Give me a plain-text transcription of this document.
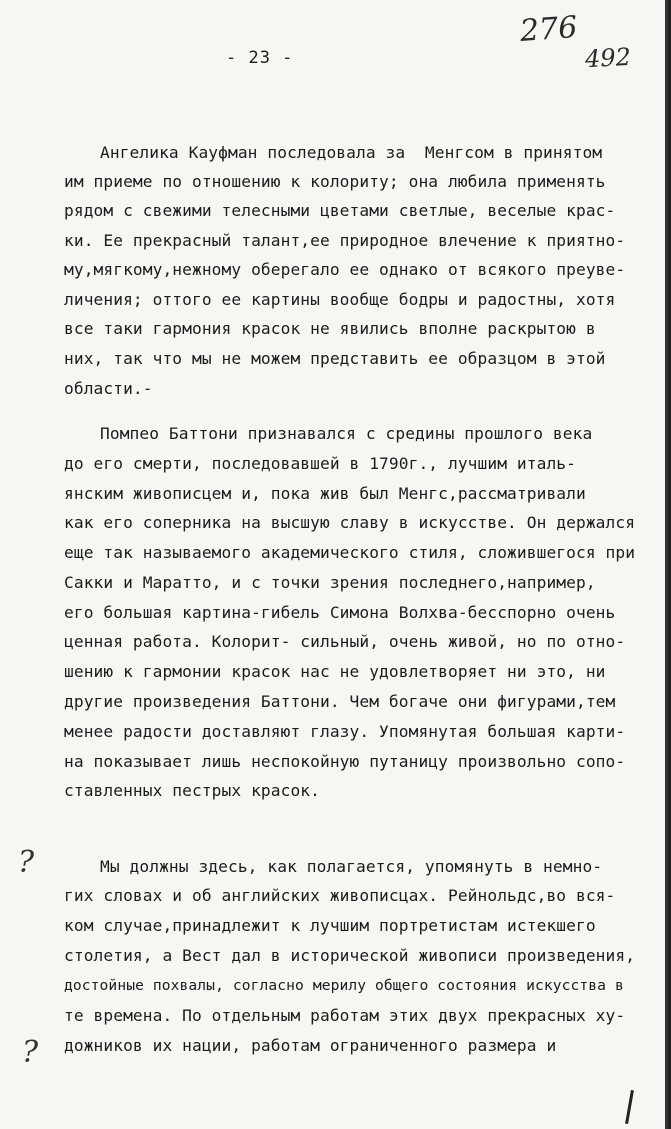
276
492
- 23 -
Ангелика Кауфман последовала за  Менгсом в принятом
им приеме по отношению к колориту; она любила применять
рядом с свежими телесными цветами светлые, веселые крас-
ки. Ее прекрасный талант,ее природное влечение к приятно-
му,мягкому,нежному оберегало ее однако от всякого преуве-
личения; оттого ее картины вообще бодры и радостны, хотя
все таки гармония красок не явились вполне раскрытою в
них, так что мы не можем представить ее образцом в этой
области.-
Помпео Баттони признавался с средины прошлого века
до его смерти, последовавшей в 1790г., лучшим италь-
янским живописцем и, пока жив был Менгс,рассматривали
как его соперника на высшую славу в искусстве. Он держался
еще так называемого академического стиля, сложившегося при
Сакки и Маратто, и с точки зрения последнего,например,
его большая картина-гибель Симона Волхва-бесспорно очень
ценная работа. Колорит- сильный, очень живой, но по отно-
шению к гармонии красок нас не удовлетворяет ни это, ни
другие произведения Баттони. Чем богаче они фигурами,тем
менее радости доставляют глазу. Упомянутая большая карти-
на показывает лишь неспокойную путаницу произвольно сопо-
ставленных пестрых красок.
Мы должны здесь, как полагается, упомянуть в немно-
гих словах и об английских живописцах. Рейнольдс,во вся-
ком случае,принадлежит к лучшим портретистам истекшего
столетия, а Вест дал в исторической живописи произведения,
достойные похвалы, согласно мерилу общего состояния искусства в
те времена. По отдельным работам этих двух прекрасных ху-
дожников их нации, работам ограниченного размера и
?
?
